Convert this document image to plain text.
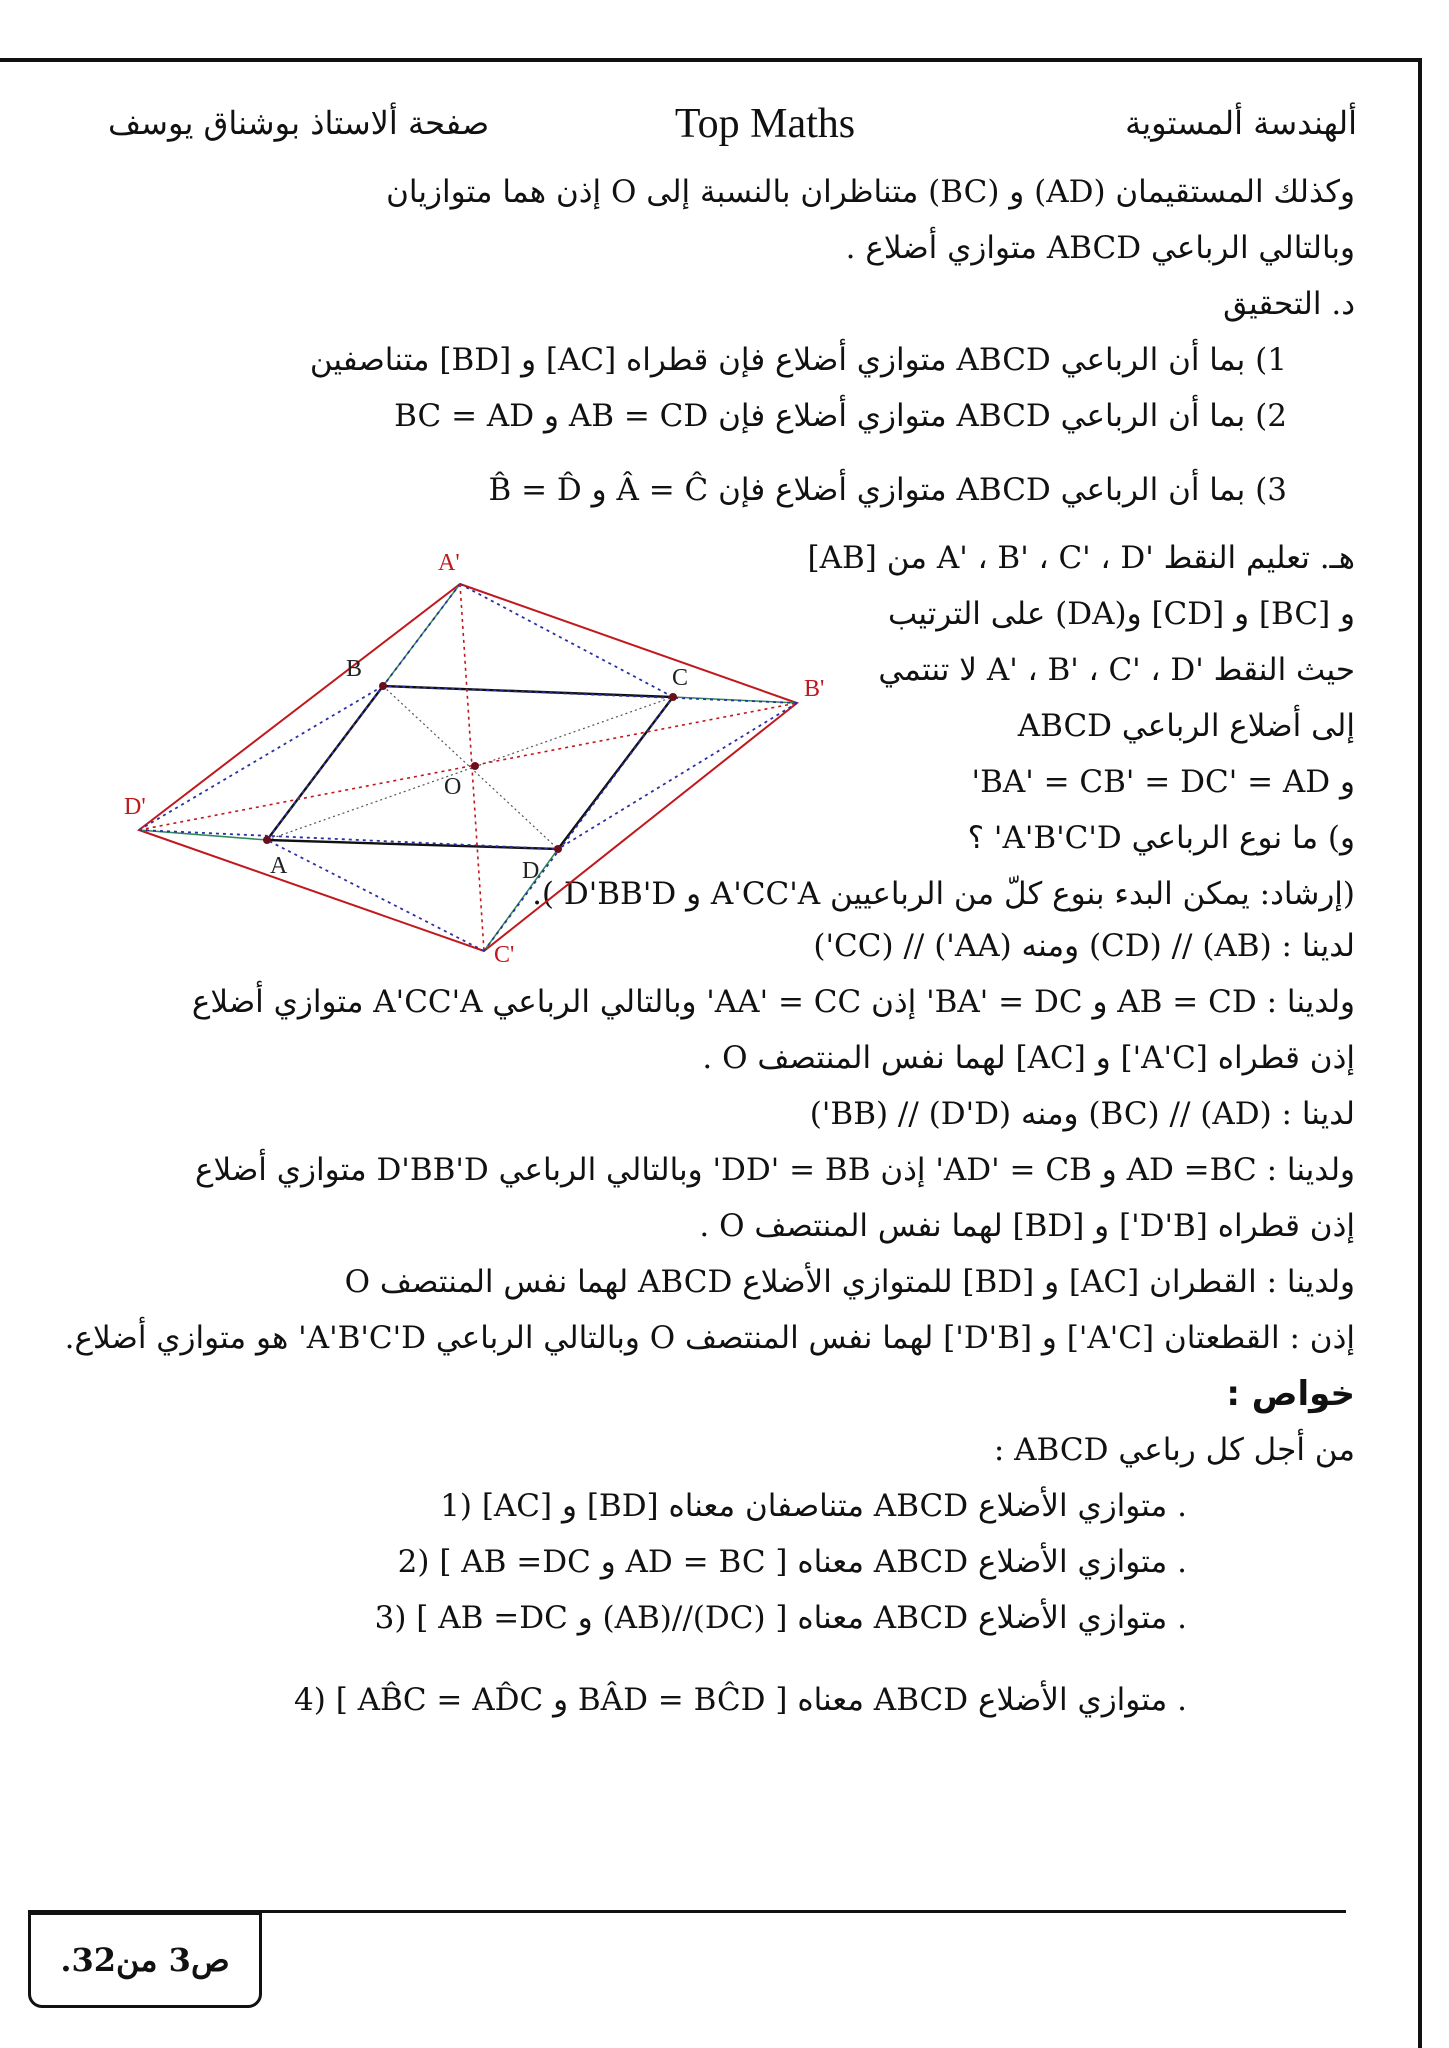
صفحة ألاستاذ بوشناق يوسف	Top Maths	ألهندسة ألمستوية
وكذلك المستقيمان (AD) و (BC) متناظران بالنسبة إلى O إذن هما متوازيان
وبالتالي الرباعي ABCD متوازي أضلاع .
د. التحقيق
1) بما أن الرباعي ABCD متوازي أضلاع فإن قطراه [AC] و [BD] متناصفين
2) بما أن الرباعي ABCD متوازي أضلاع فإن AB = CD و BC = AD
3) بما أن الرباعي ABCD متوازي أضلاع فإن Â = Ĉ و B̂ = D̂
هـ. تعليم النقط 'A' ، B' ، C' ، D من [AB]
و [BC] و [CD] و(DA) على الترتيب
حيث النقط 'A' ، B' ، C' ، D لا تنتمي
إلى أضلاع الرباعي ABCD
و BA' = CB' = DC' = AD'
و) ما نوع الرباعي A'B'C'D' ؟
(إرشاد: يمكن البدء بنوع كلّ من الرباعيين A'CC'A و D'BB'D ).
لدينا : (AB) // (CD) ومنه (AA') // (CC')
ولدينا : AB = CD و BA' = DC' إذن AA' = CC' وبالتالي الرباعي A'CC'A متوازي أضلاع
إذن قطراه [A'C'] و [AC] لهما نفس المنتصف O .
لدينا : (AD) // (BC) ومنه (D'D) // (BB')
ولدينا : AD =BC و AD' = CB' إذن DD' = BB' وبالتالي الرباعي D'BB'D متوازي أضلاع
إذن قطراه [D'B'] و [BD] لهما نفس المنتصف O .
ولدينا : القطران [AC] و [BD] للمتوازي الأضلاع ABCD لهما نفس المنتصف O
إذن : القطعتان [A'C'] و [D'B'] لهما نفس المنتصف O وبالتالي الرباعي A'B'C'D' هو متوازي أضلاع.
خواص :
من أجل كل رباعي ABCD :
1) [AC] و [BD] متناصفان معناه ABCD متوازي الأضلاع .
2) [ AB =DC و AD = BC ] معناه ABCD متوازي الأضلاع .
3) [ AB =DC و (AB)//(DC) ] معناه ABCD متوازي الأضلاع .
4) [ AB̂C = AD̂C و BÂD = BĈD ] معناه ABCD متوازي الأضلاع .
A
B	C
D
O
A'
B'
C'
D'
ص3 من32.
